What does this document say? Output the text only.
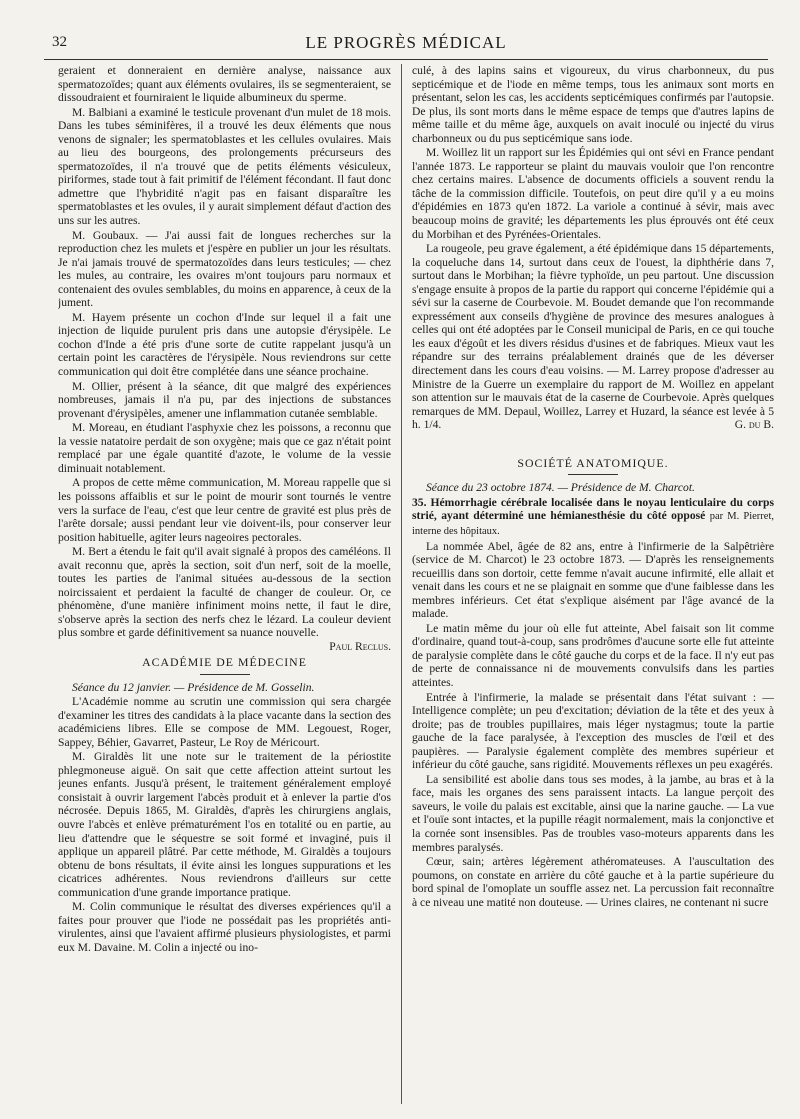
32	LE PROGRÈS MÉDICAL

geraient et donneraient en dernière analyse, naissance aux spermatozoïdes; quant aux éléments ovulaires, ils se segmenteraient, se dissoudraient et fourniraient le liquide albumineux du sperme.

M. Balbiani a examiné le testicule provenant d'un mulet de 18 mois. Dans les tubes séminifères, il a trouvé les deux éléments que nous venons de signaler; les spermatoblastes et les cellules ovulaires. Mais au lieu des bourgeons, des prolongements précurseurs des spermatozoïdes, il n'a trouvé que de petits éléments vésiculeux, piriformes, stade tout à fait primitif de l'élément fécondant. Il faut donc admettre que l'hybridité n'agit pas en faisant disparaître les spermatoblastes et les ovules, il y aurait simplement défaut d'action des uns sur les autres.

M. Goubaux. — J'ai aussi fait de longues recherches sur la reproduction chez les mulets et j'espère en publier un jour les résultats. Je n'ai jamais trouvé de spermatozoïdes dans leurs testicules; — chez les mules, au contraire, les ovaires m'ont toujours paru normaux et contenaient des ovules semblables, du moins en apparence, à ceux de la jument.

M. Hayem présente un cochon d'Inde sur lequel il a fait une injection de liquide purulent pris dans une autopsie d'érysipèle. Le cochon d'Inde a été pris d'une sorte de cutite rappelant jusqu'à un certain point les caractères de l'érysipèle. Nous reviendrons sur cette communication qui doit être complétée dans une séance prochaine.

M. Ollier, présent à la séance, dit que malgré des expériences nombreuses, jamais il n'a pu, par des injections de substances provenant d'érysipèles, amener une inflammation cutanée semblable.

M. Moreau, en étudiant l'asphyxie chez les poissons, a reconnu que la vessie natatoire perdait de son oxygène; mais que ce gaz n'était point remplacé par une égale quantité d'azote, le volume de la vessie diminuait notablement.

A propos de cette même communication, M. Moreau rappelle que si les poissons affaiblis et sur le point de mourir sont tournés le ventre vers la surface de l'eau, c'est que leur centre de gravité est plus près de l'arête dorsale; aussi pendant leur vie doivent-ils, pour conserver leur position habituelle, agiter leurs nageoires pectorales.

M. Bert a étendu le fait qu'il avait signalé à propos des caméléons. Il avait reconnu que, après la section, soit d'un nerf, soit de la moelle, toutes les parties de l'animal situées au-dessous de la section noircissaient et perdaient la faculté de changer de couleur. Or, ce phénomène, d'une manière infiniment moins nette, il faut le dire, s'observe après la section des nerfs chez le lézard. La couleur devient plus sombre et garde définitivement sa nuance nouvelle.
Paul Reclus.

ACADÉMIE DE MÉDECINE

Séance du 12 janvier. — Présidence de M. Gosselin.

L'Académie nomme au scrutin une commission qui sera chargée d'examiner les titres des candidats à la place vacante dans la section des académiciens libres. Elle se compose de MM. Legouest, Roger, Sappey, Béhier, Gavarret, Pasteur, Le Roy de Méricourt.

M. Giraldès lit une note sur le traitement de la périostite phlegmoneuse aiguë. On sait que cette affection atteint surtout les jeunes enfants. Jusqu'à présent, le traitement généralement employé consistait à ouvrir largement l'abcès produit et à enlever la partie d'os nécrosée. Depuis 1865, M. Giraldès, d'après les chirurgiens anglais, ouvre l'abcès et enlève prématurément l'os en totalité ou en partie, au lieu d'attendre que le séquestre se soit formé et invaginé, puis il applique un appareil plâtré. Par cette méthode, M. Giraldès a toujours obtenu de bons résultats, il évite ainsi les longues suppurations et les cicatrices adhérentes. Nous reviendrons d'ailleurs sur cette communication d'une grande importance pratique.

M. Colin communique le résultat des diverses expériences qu'il a faites pour prouver que l'iode ne possédait pas les propriétés anti-virulentes, ainsi que l'avaient affirmé plusieurs physiologistes, et parmi eux M. Davaine. M. Colin a injecté ou ino-

culé, à des lapins sains et vigoureux, du virus charbonneux, du pus septicémique et de l'iode en même temps, tous les animaux sont morts en présentant, selon les cas, les accidents septicémiques confirmés par l'autopsie. De plus, ils sont morts dans le même espace de temps que d'autres lapins de même taille et du même âge, auxquels on avait inoculé ou injecté du virus charbonneux ou du pus septicémique sans iode.

M. Woillez lit un rapport sur les Épidémies qui ont sévi en France pendant l'année 1873. Le rapporteur se plaint du mauvais vouloir que l'on rencontre chez certains maires. L'absence de documents officiels a souvent rendu la tâche de la commission difficile. Toutefois, on peut dire qu'il y a eu moins d'épidémies en 1873 qu'en 1872. La variole a continué à sévir, mais avec beaucoup moins de gravité; les départements les plus éprouvés ont été ceux du Morbihan et des Pyrénées-Orientales.

La rougeole, peu grave également, a été épidémique dans 15 départements, la coqueluche dans 14, surtout dans ceux de l'ouest, la diphthérie dans 7, surtout dans le Morbihan; la fièvre typhoïde, un peu partout. Une discussion s'engage ensuite à propos de la partie du rapport qui concerne l'épidémie qui a sévi sur la caserne de Courbevoie. M. Boudet demande que l'on recommande expressément aux conseils d'hygiène de province des mesures analogues à celles qui ont été adoptées par le Conseil municipal de Paris, en ce qui touche les eaux d'égoût et les divers résidus d'usines et de fabriques. Mieux vaut les répandre sur des terrains préalablement drainés que de les déverser directement dans les cours d'eau voisins. — M. Larrey propose d'adresser au Ministre de la Guerre un exemplaire du rapport de M. Woillez en appelant son attention sur le mauvais état de la caserne de Courbevoie. Après quelques remarques de MM. Depaul, Woillez, Larrey et Huzard, la séance est levée à 5 h. 1/4.	G. du B.

SOCIÉTÉ ANATOMIQUE.

Séance du 23 octobre 1874. — Présidence de M. Charcot.

35. Hémorrhagie cérébrale localisée dans le noyau lenticulaire du corps strié, ayant déterminé une hémianesthésie du côté opposé par M. Pierret, interne des hôpitaux.

La nommée Abel, âgée de 82 ans, entre à l'infirmerie de la Salpêtrière (service de M. Charcot) le 23 octobre 1873. — D'après les renseignements recueillis dans son dortoir, cette femme n'avait aucune infirmité, elle allait et venait dans les cours et ne se plaignait en somme que d'une faiblesse dans les membres inférieurs. Cet état s'explique aisément par l'âge avancé de la malade.

Le matin même du jour où elle fut atteinte, Abel faisait son lit comme d'ordinaire, quand tout-à-coup, sans prodrômes d'aucune sorte elle fut atteinte de paralysie complète dans le côté gauche du corps et de la face. Il n'y eut pas de perte de connaissance ni de mouvements convulsifs dans les parties atteintes.

Entrée à l'infirmerie, la malade se présentait dans l'état suivant : — Intelligence complète; un peu d'excitation; déviation de la tête et des yeux à droite; pas de troubles pupillaires, mais léger nystagmus; toute la partie gauche de la face paralysée, à l'exception des muscles de l'œil et des paupières. — Paralysie également complète des membres supérieur et inférieur du côté gauche, sans rigidité. Mouvements réflexes un peu exagérés.

La sensibilité est abolie dans tous ses modes, à la jambe, au bras et à la face, mais les organes des sens paraissent intacts. La langue perçoit des saveurs, le voile du palais est excitable, ainsi que la narine gauche. — La vue et l'ouïe sont intactes, et la pupille réagit normalement, mais la conjonctive et la cornée sont insensibles. Pas de troubles vaso-moteurs apparents dans les membres paralysés.

Cœur, sain; artères légèrement athéromateuses. A l'auscultation des poumons, on constate en arrière du côté gauche et à la partie supérieure du bord spinal de l'omoplate un souffle assez net. La percussion fait reconnaître à ce niveau une matité non douteuse. — Urines claires, ne contenant ni sucre
